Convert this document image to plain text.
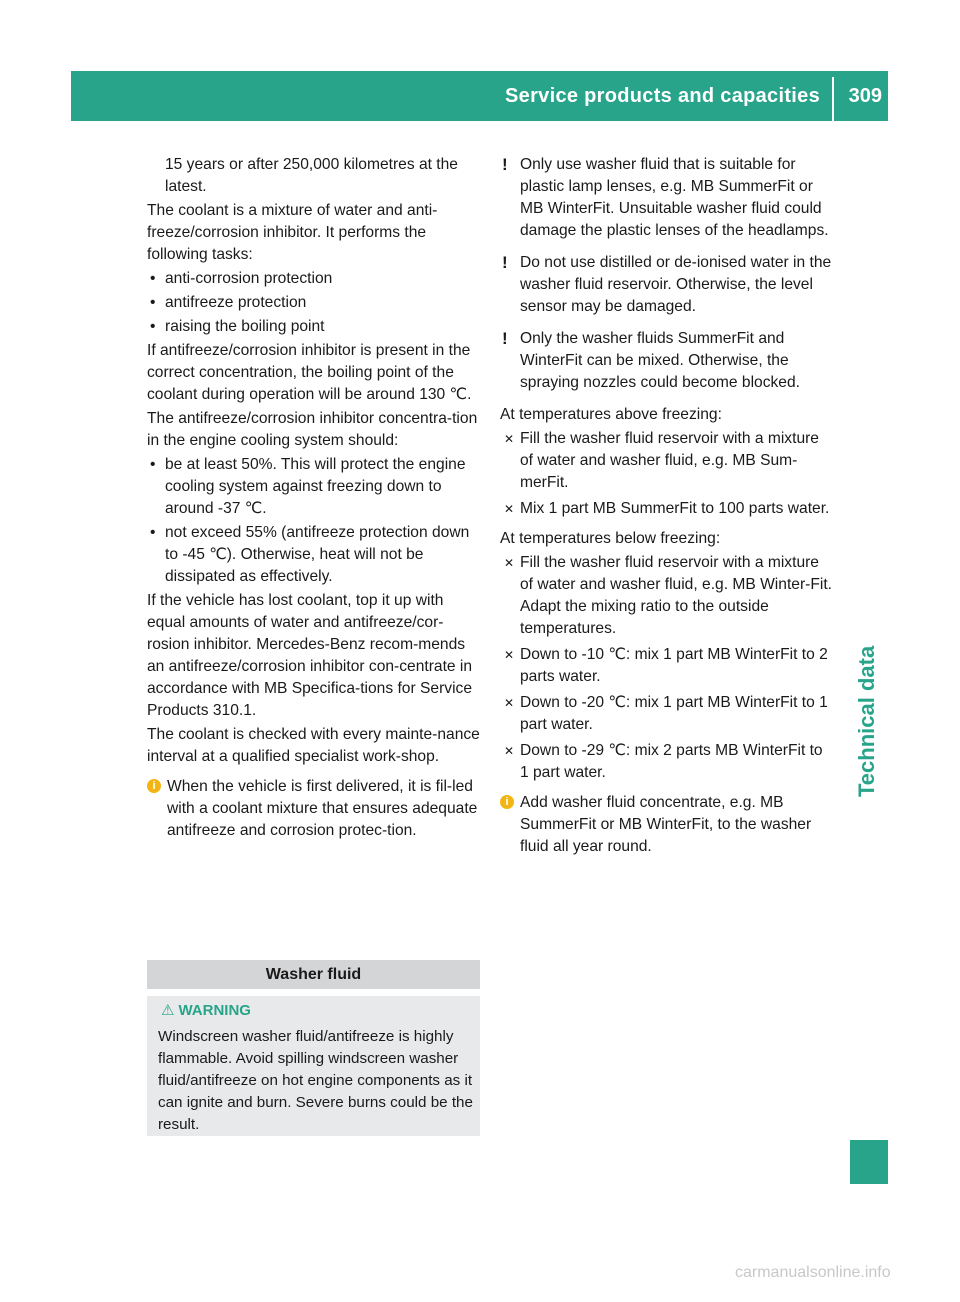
Service products and capacities 309
Technical data

15 years or after 250,000 kilometres at the latest.

The coolant is a mixture of water and anti-freeze/corrosion inhibitor. It performs the following tasks:

• anti-corrosion protection
• antifreeze protection
• raising the boiling point

If antifreeze/corrosion inhibitor is present in the correct concentration, the boiling point of the coolant during operation will be around 130 ℃.

The antifreeze/corrosion inhibitor concentra-tion in the engine cooling system should:

• be at least 50%. This will protect the engine cooling system against freezing down to around -37 ℃.
• not exceed 55% (antifreeze protection down to -45 ℃). Otherwise, heat will not be dissipated as effectively.

If the vehicle has lost coolant, top it up with equal amounts of water and antifreeze/cor-rosion inhibitor. Mercedes-Benz recom-mends an antifreeze/corrosion inhibitor con-centrate in accordance with MB Specifica-tions for Service Products 310.1.

The coolant is checked with every mainte-nance interval at a qualified specialist work-shop.

i When the vehicle is first delivered, it is fil-led with a coolant mixture that ensures adequate antifreeze and corrosion protec-tion.
Washer fluid
⚠ WARNING
Windscreen washer fluid/antifreeze is highly flammable. Avoid spilling windscreen washer fluid/antifreeze on hot engine components as it can ignite and burn. Severe burns could be the result.
! Only use washer fluid that is suitable for plastic lamp lenses, e.g. MB SummerFit or MB WinterFit. Unsuitable washer fluid could damage the plastic lenses of the headlamps.
! Do not use distilled or de-ionised water in the washer fluid reservoir. Otherwise, the level sensor may be damaged.
! Only the washer fluids SummerFit and WinterFit can be mixed. Otherwise, the spraying nozzles could become blocked.

At temperatures above freezing:

✕ Fill the washer fluid reservoir with a mixture of water and washer fluid, e.g. MB Sum-merFit.
✕ Mix 1 part MB SummerFit to 100 parts water.

At temperatures below freezing:

✕ Fill the washer fluid reservoir with a mixture of water and washer fluid, e.g. MB Winter-Fit. Adapt the mixing ratio to the outside temperatures.
✕ Down to -10 ℃: mix 1 part MB WinterFit to 2 parts water.
✕ Down to -20 ℃: mix 1 part MB WinterFit to 1 part water.
✕ Down to -29 ℃: mix 2 parts MB WinterFit to 1 part water.
i Add washer fluid concentrate, e.g. MB SummerFit or MB WinterFit, to the washer fluid all year round.
carmanualsonline.info
